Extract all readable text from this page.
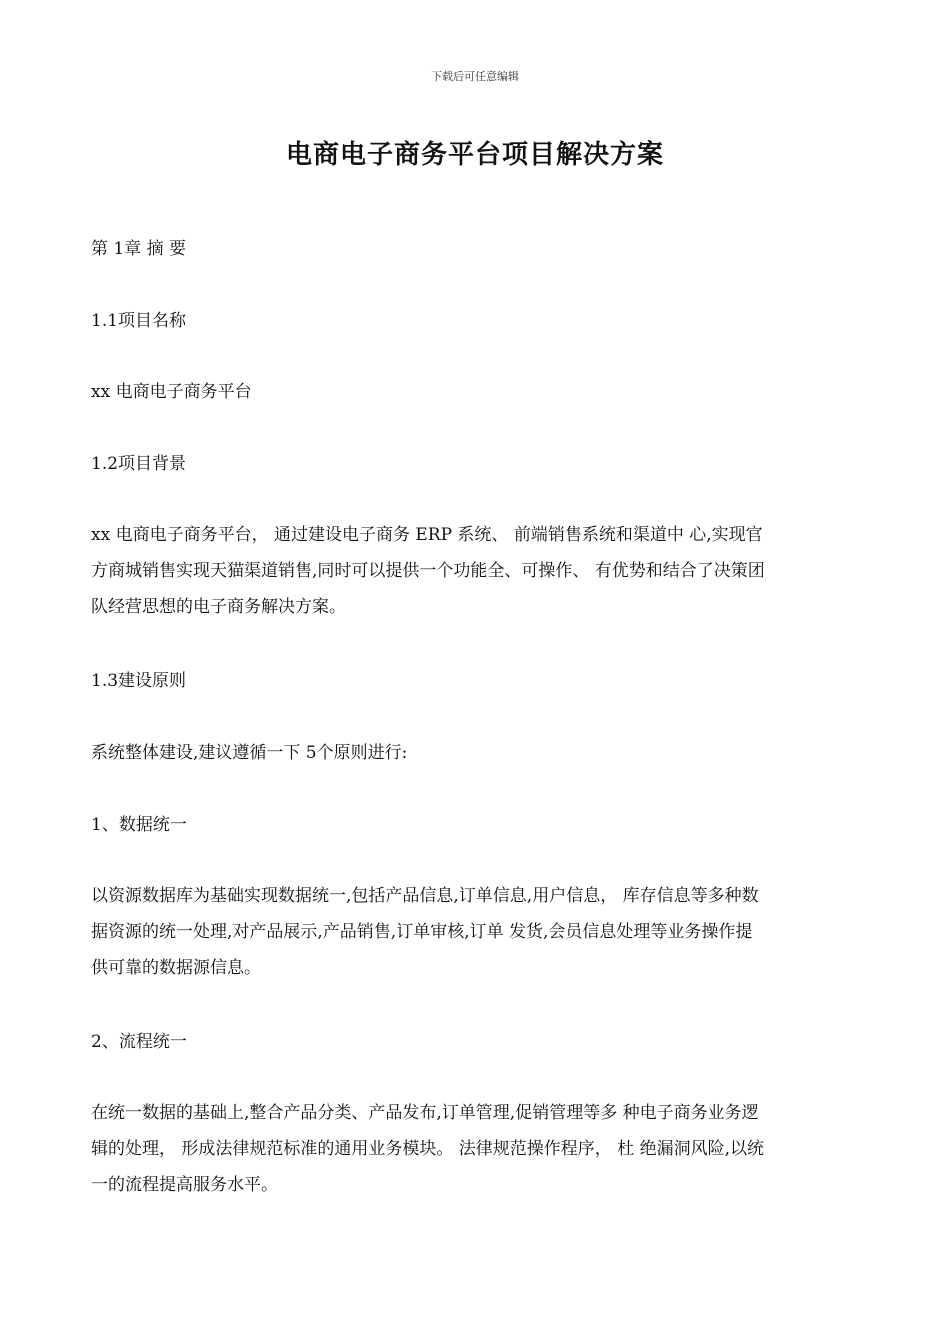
下载后可任意编辑
电商电子商务平台项目解决方案
第 1章 摘 要
1.1项目名称
xx 电商电子商务平台
1.2项目背景
xx 电商电子商务平台， 通过建设电子商务 ERP 系统、 前端销售系统和渠道中 心,实现官
方商城销售实现天猫渠道销售,同时可以提供一个功能全、可操作、 有优势和结合了决策团
队经营思想的电子商务解决方案。
1.3建设原则
系统整体建设,建议遵循一下 5个原则进行:
1、数据统一
以资源数据库为基础实现数据统一,包括产品信息,订单信息,用户信息， 库存信息等多种数
据资源的统一处理,对产品展示,产品销售,订单审核,订单 发货,会员信息处理等业务操作提
供可靠的数据源信息。
2、流程统一
在统一数据的基础上,整合产品分类、产品发布,订单管理,促销管理等多 种电子商务业务逻
辑的处理， 形成法律规范标准的通用业务模块。 法律规范操作程序， 杜 绝漏洞风险,以统
一的流程提高服务水平。
